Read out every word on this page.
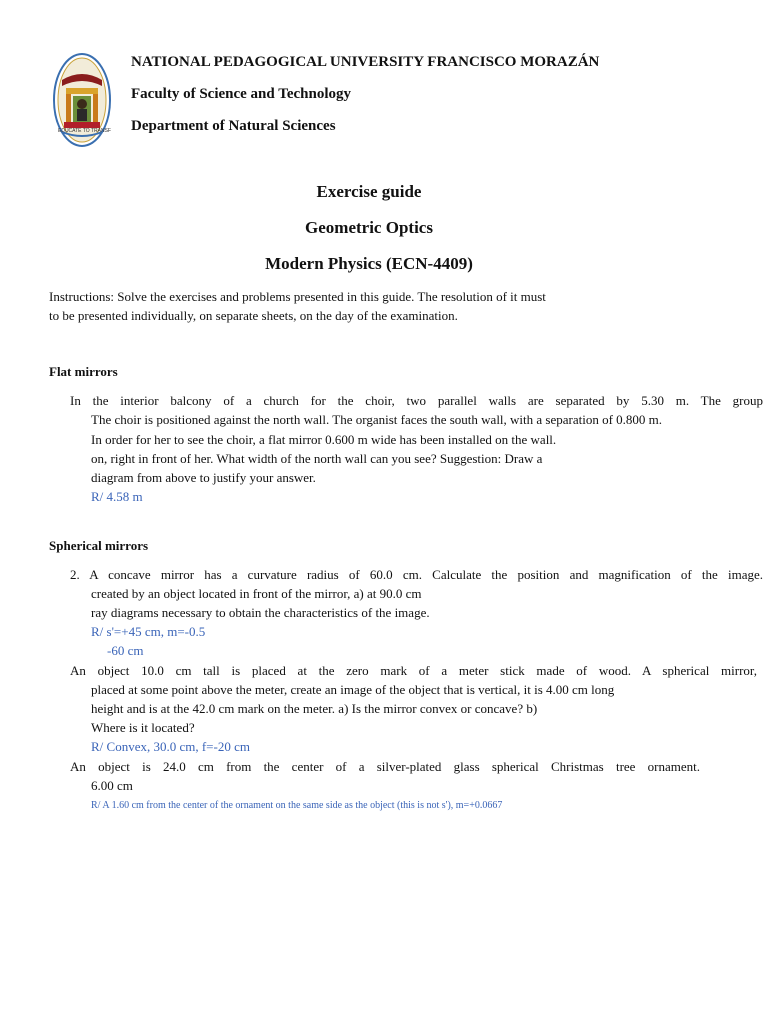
EDUCATE TO TRANSF
NATIONAL PEDAGOGICAL UNIVERSITY FRANCISCO MORAZÁN
Faculty of Science and Technology
Department of Natural Sciences
Exercise guide
Geometric Optics
Modern Physics (ECN-4409)
Instructions: Solve the exercises and problems presented in this guide. The resolution of it must
to be presented individually, on separate sheets, on the day of the examination.
Flat mirrors
In the interior balcony of a church for the choir, two parallel walls are separated by 5.30 m. The group
The choir is positioned against the north wall. The organist faces the south wall, with a separation of 0.800 m.
In order for her to see the choir, a flat mirror 0.600 m wide has been installed on the wall.
on, right in front of her. What width of the north wall can you see? Suggestion: Draw a
diagram from above to justify your answer.
R/ 4.58 m
Spherical mirrors
2. A concave mirror has a curvature radius of 60.0 cm. Calculate the position and magnification of the image.
created by an object located in front of the mirror, a) at 90.0 cm
ray diagrams necessary to obtain the characteristics of the image.
R/ s'=+45 cm, m=-0.5
-60 cm
An object 10.0 cm tall is placed at the zero mark of a meter stick made of wood. A spherical mirror,
placed at some point above the meter, create an image of the object that is vertical, it is 4.00 cm long
height and is at the 42.0 cm mark on the meter. a) Is the mirror convex or concave? b)
Where is it located?
R/ Convex, 30.0 cm, f=-20 cm
An object is 24.0 cm from the center of a silver-plated glass spherical Christmas tree ornament.
6.00 cm
R/ A 1.60 cm from the center of the ornament on the same side as the object (this is not s'), m=+0.0667
